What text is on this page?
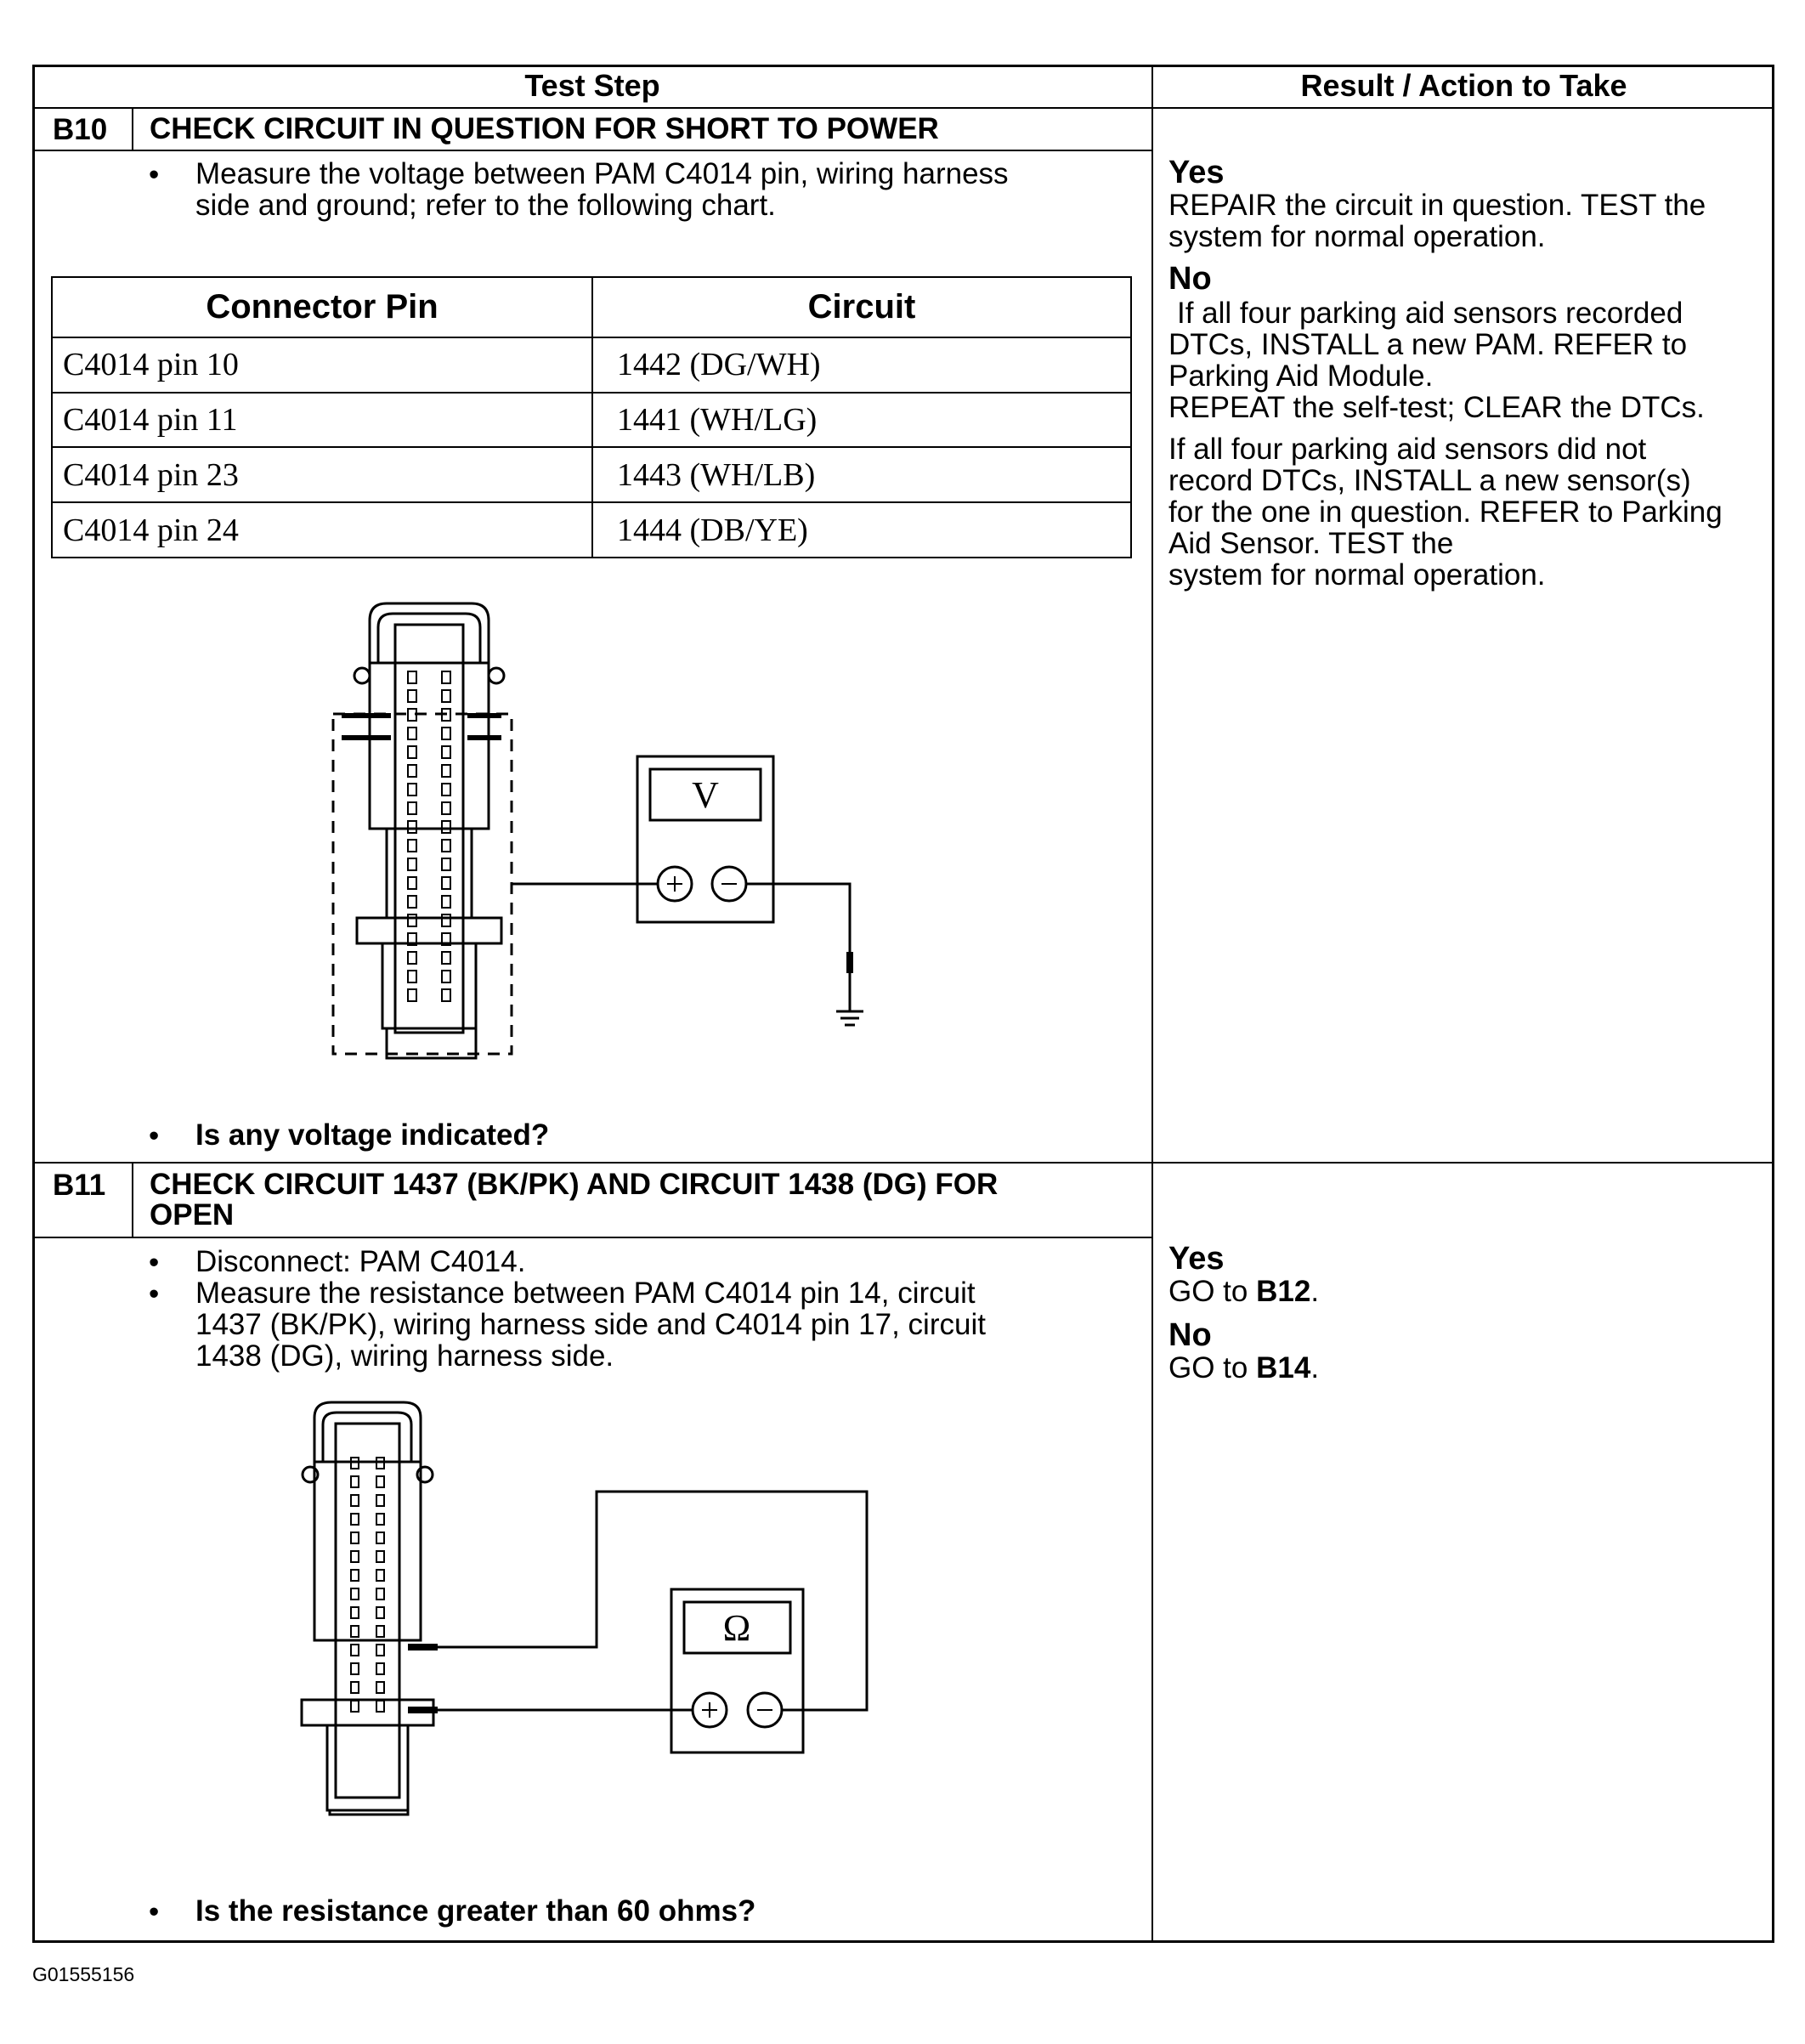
Test Step	Result / Action to Take
B10 CHECK CIRCUIT IN QUESTION FOR SHORT TO POWER
• Measure the voltage between PAM C4014 pin, wiring harness
side and ground; refer to the following chart.
Connector Pin	Circuit
C4014 pin 10	1442 (DG/WH)
C4014 pin 11	1441 (WH/LG)
C4014 pin 23	1443 (WH/LB)
C4014 pin 24	1444 (DB/YE)
V
• Is any voltage indicated?
Yes
REPAIR the circuit in question. TEST the
system for normal operation.
No
If all four parking aid sensors recorded
DTCs, INSTALL a new PAM. REFER to
Parking Aid Module.
REPEAT the self-test; CLEAR the DTCs.
If all four parking aid sensors did not
record DTCs, INSTALL a new sensor(s)
for the one in question. REFER to Parking
Aid Sensor. TEST the
system for normal operation.
B11 CHECK CIRCUIT 1437 (BK/PK) AND CIRCUIT 1438 (DG) FOR
OPEN
• Disconnect: PAM C4014.
• Measure the resistance between PAM C4014 pin 14, circuit
1437 (BK/PK), wiring harness side and C4014 pin 17, circuit
1438 (DG), wiring harness side.
Ω
• Is the resistance greater than 60 ohms?
Yes
GO to B12.
No
GO to B14.
G01555156
